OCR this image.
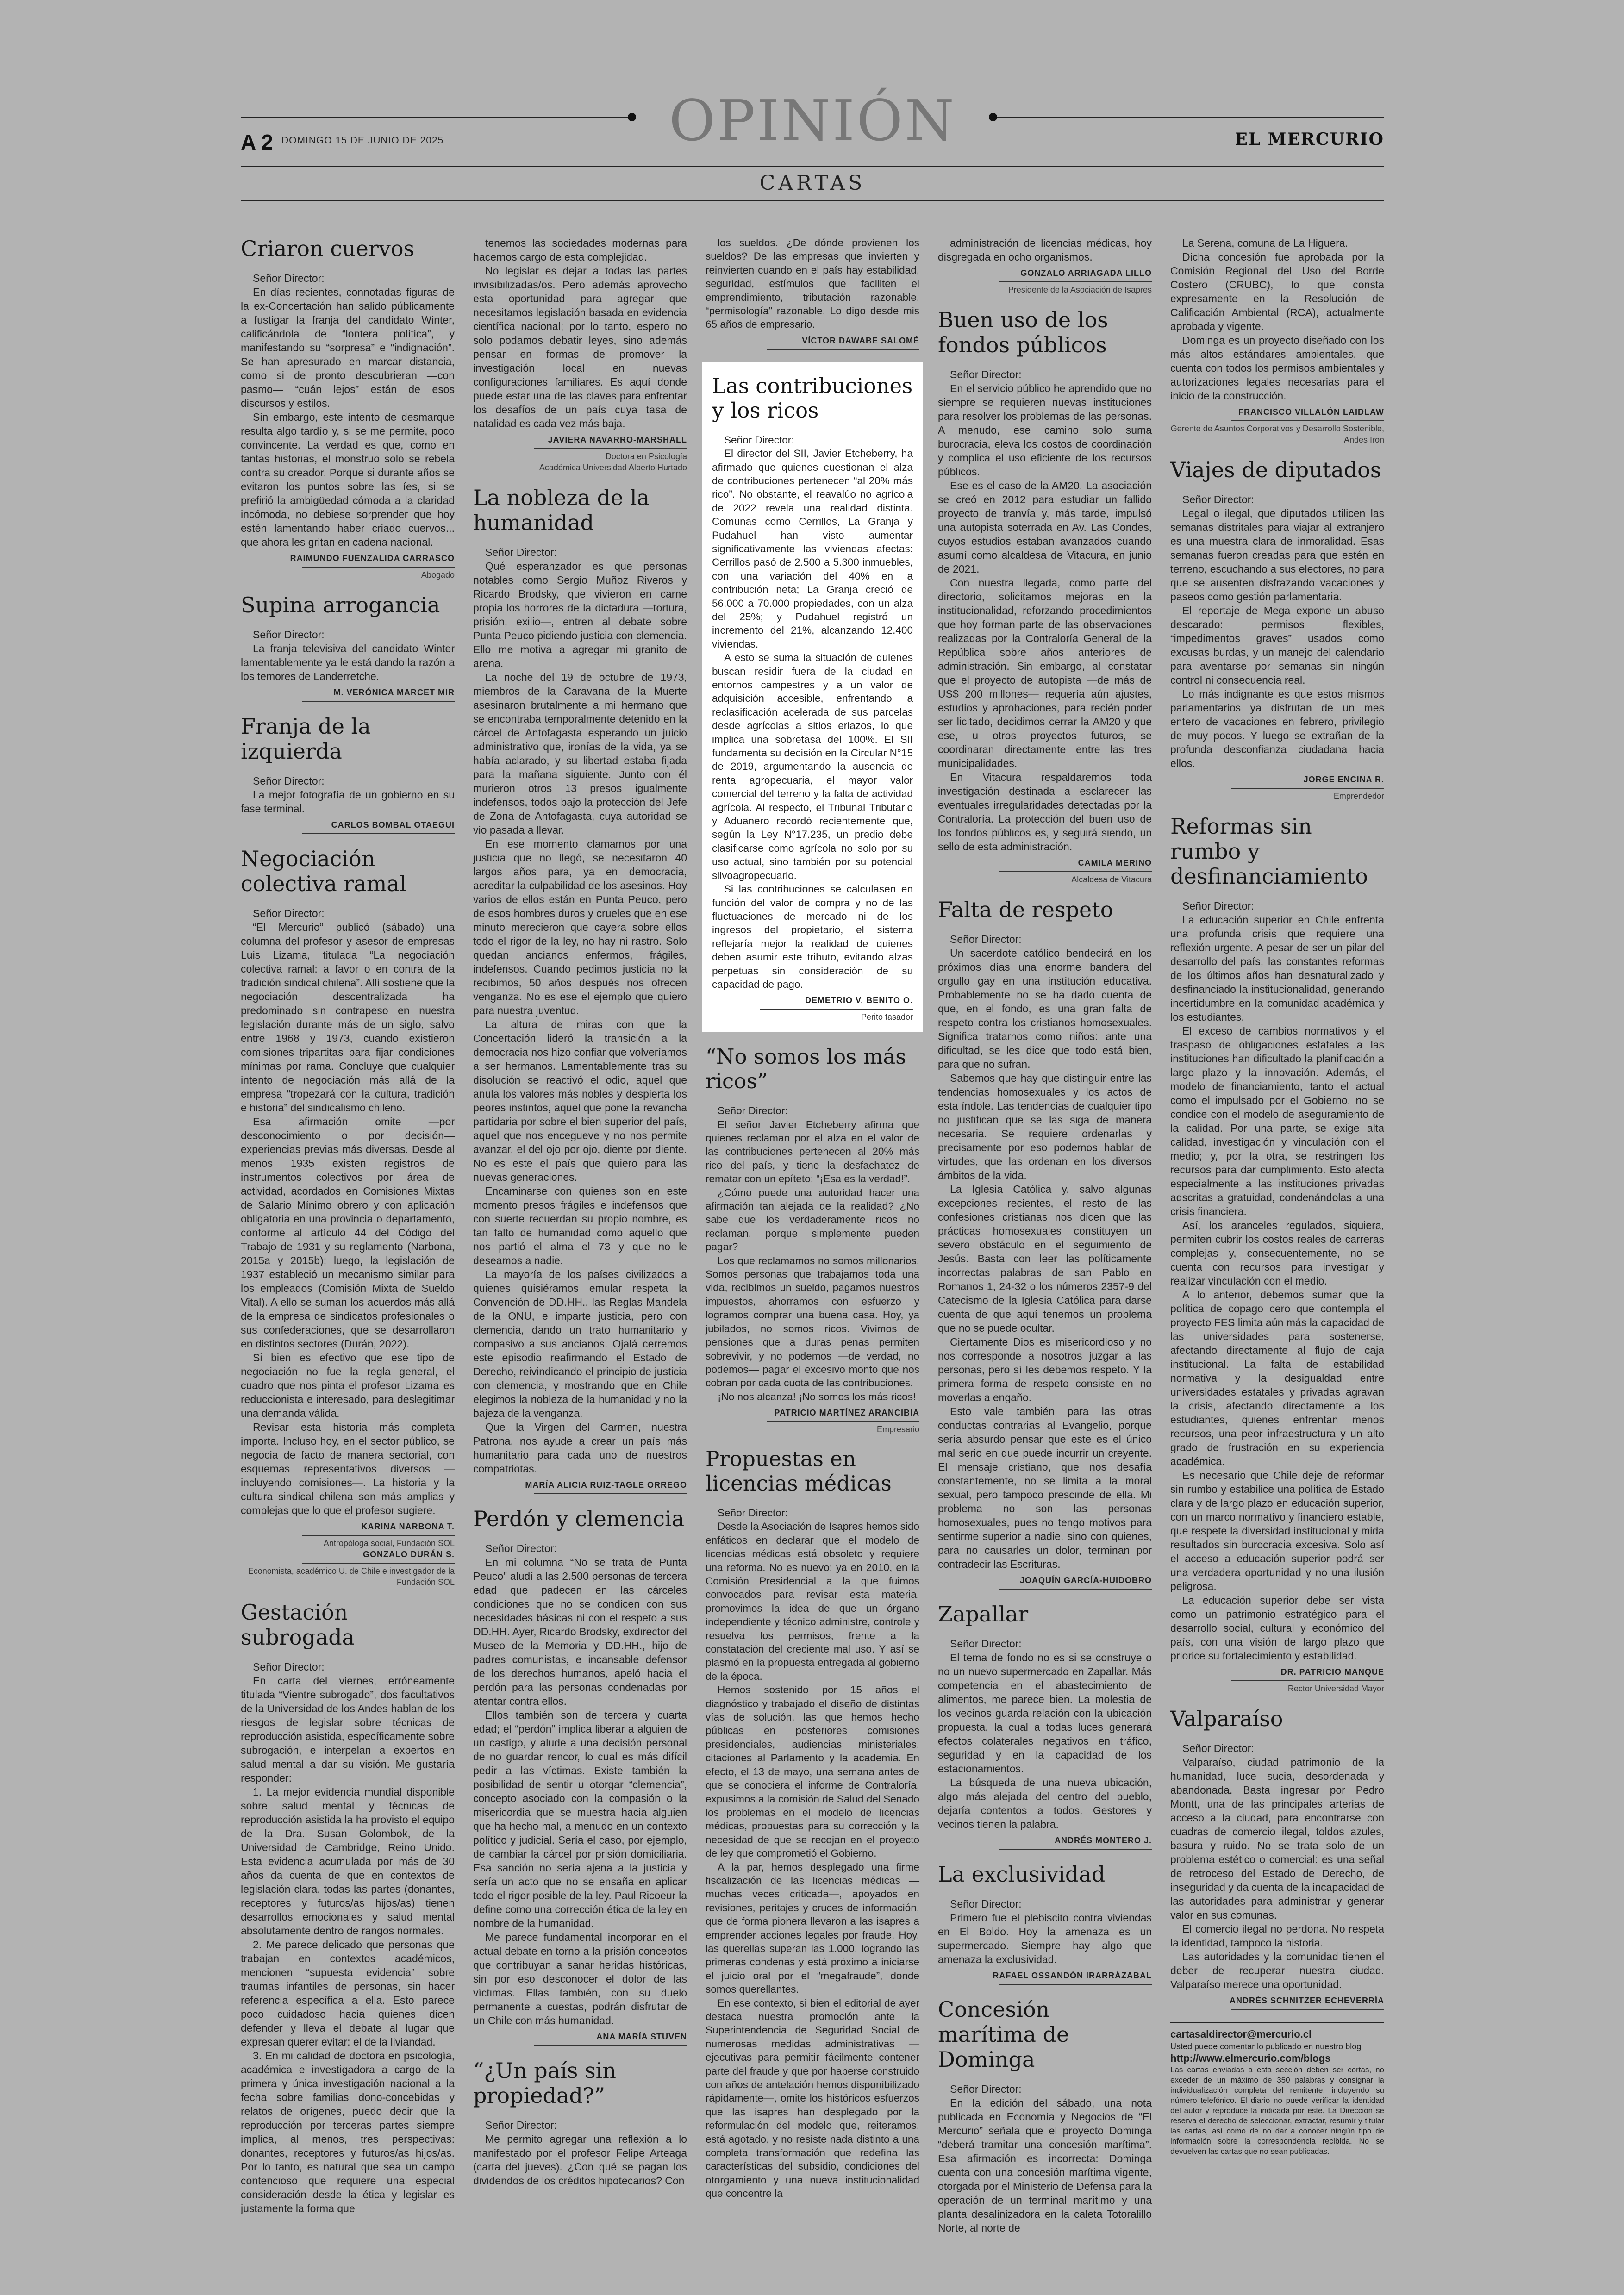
OPINIÓN
A 2 DOMINGO 15 DE JUNIO DE 2025	EL MERCURIO
CARTAS
Criaron cuervos

Señor Director:

En días recientes, connotadas figuras de la ex-Concertación han salido públicamente a fustigar la franja del candidato Winter, calificándola de “lontera política”, y manifestando su “sorpresa” e “indignación”. Se han apresurado en marcar distancia, como si de pronto descubrieran —con pasmo— “cuán lejos” están de esos discursos y estilos.

Sin embargo, este intento de desmarque resulta algo tardío y, si se me permite, poco convincente. La verdad es que, como en tantas historias, el monstruo solo se rebela contra su creador. Porque si durante años se evitaron los puntos sobre las íes, si se prefirió la ambigüedad cómoda a la claridad incómoda, no debiese sorprender que hoy estén lamentando haber criado cuervos... que ahora les gritan en cadena nacional.

RAIMUNDO FUENZALIDA CARRASCO
Abogado
Supina arrogancia

Señor Director:

La franja televisiva del candidato Winter lamentablemente ya le está dando la razón a los temores de Landerretche.

M. VERÓNICA MARCET MIR
Franja de la izquierda

Señor Director:

La mejor fotografía de un gobierno en su fase terminal.

CARLOS BOMBAL OTAEGUI
Negociación colectiva ramal

Señor Director:

“El Mercurio” publicó (sábado) una columna del profesor y asesor de empresas Luis Lizama, titulada “La negociación colectiva ramal: a favor o en contra de la tradición sindical chilena”. Allí sostiene que la negociación descentralizada ha predominado sin contrapeso en nuestra legislación durante más de un siglo, salvo entre 1968 y 1973, cuando existieron comisiones tripartitas para fijar condiciones mínimas por rama. Concluye que cualquier intento de negociación más allá de la empresa “tropezará con la cultura, tradición e historia” del sindicalismo chileno.

Esa afirmación omite —por desconocimiento o por decisión— experiencias previas más diversas. Desde al menos 1935 existen registros de instrumentos colectivos por área de actividad, acordados en Comisiones Mixtas de Salario Mínimo obrero y con aplicación obligatoria en una provincia o departamento, conforme al artículo 44 del Código del Trabajo de 1931 y su reglamento (Narbona, 2015a y 2015b); luego, la legislación de 1937 estableció un mecanismo similar para los empleados (Comisión Mixta de Sueldo Vital). A ello se suman los acuerdos más allá de la empresa de sindicatos profesionales o sus confederaciones, que se desarrollaron en distintos sectores (Durán, 2022).

Si bien es efectivo que ese tipo de negociación no fue la regla general, el cuadro que nos pinta el profesor Lizama es reduccionista e interesado, para deslegitimar una demanda válida.

Revisar esta historia más completa importa. Incluso hoy, en el sector público, se negocia de facto de manera sectorial, con esquemas representativos diversos —incluyendo comisiones—. La historia y la cultura sindical chilena son más amplias y complejas que lo que el profesor sugiere.

KARINA NARBONA T.
Antropóloga social, Fundación SOL
GONZALO DURÁN S.
Economista, académico U. de Chile e investigador de la Fundación SOL
Gestación subrogada

Señor Director:

En carta del viernes, erróneamente titulada “Vientre subrogado”, dos facultativos de la Universidad de los Andes hablan de los riesgos de legislar sobre técnicas de reproducción asistida, específicamente sobre subrogación, e interpelan a expertos en salud mental a dar su visión. Me gustaría responder:

1. La mejor evidencia mundial disponible sobre salud mental y técnicas de reproducción asistida la ha provisto el equipo de la Dra. Susan Golombok, de la Universidad de Cambridge, Reino Unido. Esta evidencia acumulada por más de 30 años da cuenta de que en contextos de legislación clara, todas las partes (donantes, receptores y futuros/as hijos/as) tienen desarrollos emocionales y salud mental absolutamente dentro de rangos normales.

2. Me parece delicado que personas que trabajan en contextos académicos, mencionen “supuesta evidencia” sobre traumas infantiles de personas, sin hacer referencia específica a ella. Esto parece poco cuidadoso hacia quienes dicen defender y lleva el debate al lugar que expresan querer evitar: el de la liviandad.

3. En mi calidad de doctora en psicología, académica e investigadora a cargo de la primera y única investigación nacional a la fecha sobre familias dono-concebidas y relatos de orígenes, puedo decir que la reproducción por terceras partes siempre implica, al menos, tres perspectivas: donantes, receptores y futuros/as hijos/as. Por lo tanto, es natural que sea un campo contencioso que requiere una especial consideración desde la ética y legislar es justamente la forma que

tenemos las sociedades modernas para hacernos cargo de esta complejidad.

No legislar es dejar a todas las partes invisibilizadas/os. Pero además aprovecho esta oportunidad para agregar que necesitamos legislación basada en evidencia científica nacional; por lo tanto, espero no solo podamos debatir leyes, sino además pensar en formas de promover la investigación local en nuevas configuraciones familiares. Es aquí donde puede estar una de las claves para enfrentar los desafíos de un país cuya tasa de natalidad es cada vez más baja.

JAVIERA NAVARRO-MARSHALL
Doctora en Psicología
Académica Universidad Alberto Hurtado
La nobleza de la humanidad

Señor Director:

Qué esperanzador es que personas notables como Sergio Muñoz Riveros y Ricardo Brodsky, que vivieron en carne propia los horrores de la dictadura —tortura, prisión, exilio—, entren al debate sobre Punta Peuco pidiendo justicia con clemencia. Ello me motiva a agregar mi granito de arena.

La noche del 19 de octubre de 1973, miembros de la Caravana de la Muerte asesinaron brutalmente a mi hermano que se encontraba temporalmente detenido en la cárcel de Antofagasta esperando un juicio administrativo que, ironías de la vida, ya se había aclarado, y su libertad estaba fijada para la mañana siguiente. Junto con él murieron otros 13 presos igualmente indefensos, todos bajo la protección del Jefe de Zona de Antofagasta, cuya autoridad se vio pasada a llevar.

En ese momento clamamos por una justicia que no llegó, se necesitaron 40 largos años para, ya en democracia, acreditar la culpabilidad de los asesinos. Hoy varios de ellos están en Punta Peuco, pero de esos hombres duros y crueles que en ese minuto merecieron que cayera sobre ellos todo el rigor de la ley, no hay ni rastro. Solo quedan ancianos enfermos, frágiles, indefensos. Cuando pedimos justicia no la recibimos, 50 años después nos ofrecen venganza. No es ese el ejemplo que quiero para nuestra juventud.

La altura de miras con que la Concertación lideró la transición a la democracia nos hizo confiar que volveríamos a ser hermanos. Lamentablemente tras su disolución se reactivó el odio, aquel que anula los valores más nobles y despierta los peores instintos, aquel que pone la revancha partidaria por sobre el bien superior del país, aquel que nos encegueve y no nos permite avanzar, el del ojo por ojo, diente por diente. No es este el país que quiero para las nuevas generaciones.

Encaminarse con quienes son en este momento presos frágiles e indefensos que con suerte recuerdan su propio nombre, es tan falto de humanidad como aquello que nos partió el alma el 73 y que no le deseamos a nadie.

La mayoría de los países civilizados a quienes quisiéramos emular respeta la Convención de DD.HH., las Reglas Mandela de la ONU, e imparte justicia, pero con clemencia, dando un trato humanitario y compasivo a sus ancianos. Ojalá cerremos este episodio reafirmando el Estado de Derecho, reivindicando el principio de justicia con clemencia, y mostrando que en Chile elegimos la nobleza de la humanidad y no la bajeza de la venganza.

Que la Virgen del Carmen, nuestra Patrona, nos ayude a crear un país más humanitario para cada uno de nuestros compatriotas.

MARÍA ALICIA RUIZ-TAGLE ORREGO
Perdón y clemencia

Señor Director:

En mi columna “No se trata de Punta Peuco” aludí a las 2.500 personas de tercera edad que padecen en las cárceles condiciones que no se condicen con sus necesidades básicas ni con el respeto a sus DD.HH. Ayer, Ricardo Brodsky, exdirector del Museo de la Memoria y DD.HH., hijo de padres comunistas, e incansable defensor de los derechos humanos, apeló hacia el perdón para las personas condenadas por atentar contra ellos.

Ellos también son de tercera y cuarta edad; el “perdón” implica liberar a alguien de un castigo, y alude a una decisión personal de no guardar rencor, lo cual es más difícil pedir a las víctimas. Existe también la posibilidad de sentir u otorgar “clemencia”, concepto asociado con la compasión o la misericordia que se muestra hacia alguien que ha hecho mal, a menudo en un contexto político y judicial. Sería el caso, por ejemplo, de cambiar la cárcel por prisión domiciliaria. Esa sanción no sería ajena a la justicia y sería un acto que no se ensaña en aplicar todo el rigor posible de la ley. Paul Ricoeur la define como una corrección ética de la ley en nombre de la humanidad.

Me parece fundamental incorporar en el actual debate en torno a la prisión conceptos que contribuyan a sanar heridas históricas, sin por eso desconocer el dolor de las víctimas. Ellas también, con su duelo permanente a cuestas, podrán disfrutar de un Chile con más humanidad.

ANA MARÍA STUVEN
“¿Un país sin propiedad?”

Señor Director:

Me permito agregar una reflexión a lo manifestado por el profesor Felipe Arteaga (carta del jueves). ¿Con qué se pagan los dividendos de los créditos hipotecarios? Con

los sueldos. ¿De dónde provienen los sueldos? De las empresas que invierten y reinvierten cuando en el país hay estabilidad, seguridad, estímulos que faciliten el emprendimiento, tributación razonable, “permisología” razonable. Lo digo desde mis 65 años de empresario.

VÍCTOR DAWABE SALOMÉ
Las contribuciones y los ricos

Señor Director:

El director del SII, Javier Etcheberry, ha afirmado que quienes cuestionan el alza de contribuciones pertenecen “al 20% más rico”. No obstante, el reavalúo no agrícola de 2022 revela una realidad distinta. Comunas como Cerrillos, La Granja y Pudahuel han visto aumentar significativamente las viviendas afectas: Cerrillos pasó de 2.500 a 5.300 inmuebles, con una variación del 40% en la contribución neta; La Granja creció de 56.000 a 70.000 propiedades, con un alza del 25%; y Pudahuel registró un incremento del 21%, alcanzando 12.400 viviendas.

A esto se suma la situación de quienes buscan residir fuera de la ciudad en entornos campestres y a un valor de adquisición accesible, enfrentando la reclasificación acelerada de sus parcelas desde agrícolas a sitios eriazos, lo que implica una sobretasa del 100%. El SII fundamenta su decisión en la Circular N°15 de 2019, argumentando la ausencia de renta agropecuaria, el mayor valor comercial del terreno y la falta de actividad agrícola. Al respecto, el Tribunal Tributario y Aduanero recordó recientemente que, según la Ley N°17.235, un predio debe clasificarse como agrícola no solo por su uso actual, sino también por su potencial silvoagropecuario.

Si las contribuciones se calculasen en función del valor de compra y no de las fluctuaciones de mercado ni de los ingresos del propietario, el sistema reflejaría mejor la realidad de quienes deben asumir este tributo, evitando alzas perpetuas sin consideración de su capacidad de pago.

DEMETRIO V. BENITO O.
Perito tasador
“No somos los más ricos”

Señor Director:

El señor Javier Etcheberry afirma que quienes reclaman por el alza en el valor de las contribuciones pertenecen al 20% más rico del país, y tiene la desfachatez de rematar con un epíteto: “¡Esa es la verdad!”.

¿Cómo puede una autoridad hacer una afirmación tan alejada de la realidad? ¿No sabe que los verdaderamente ricos no reclaman, porque simplemente pueden pagar?

Los que reclamamos no somos millonarios. Somos personas que trabajamos toda una vida, recibimos un sueldo, pagamos nuestros impuestos, ahorramos con esfuerzo y logramos comprar una buena casa. Hoy, ya jubilados, no somos ricos. Vivimos de pensiones que a duras penas permiten sobrevivir, y no podemos —de verdad, no podemos— pagar el excesivo monto que nos cobran por cada cuota de las contribuciones.

¡No nos alcanza! ¡No somos los más ricos!

PATRICIO MARTÍNEZ ARANCIBIA
Empresario
Propuestas en licencias médicas

Señor Director:

Desde la Asociación de Isapres hemos sido enfáticos en declarar que el modelo de licencias médicas está obsoleto y requiere una reforma. No es nuevo: ya en 2010, en la Comisión Presidencial a la que fuimos convocados para revisar esta materia, promovimos la idea de que un órgano independiente y técnico administre, controle y resuelva los permisos, frente a la constatación del creciente mal uso. Y así se plasmó en la propuesta entregada al gobierno de la época.

Hemos sostenido por 15 años el diagnóstico y trabajado el diseño de distintas vías de solución, las que hemos hecho públicas en posteriores comisiones presidenciales, audiencias ministeriales, citaciones al Parlamento y la academia. En efecto, el 13 de mayo, una semana antes de que se conociera el informe de Contraloría, expusimos a la comisión de Salud del Senado los problemas en el modelo de licencias médicas, propuestas para su corrección y la necesidad de que se recojan en el proyecto de ley que comprometió el Gobierno.

A la par, hemos desplegado una firme fiscalización de las licencias médicas —muchas veces criticada—, apoyados en revisiones, peritajes y cruces de información, que de forma pionera llevaron a las isapres a emprender acciones legales por fraude. Hoy, las querellas superan las 1.000, logrando las primeras condenas y está próximo a iniciarse el juicio oral por el “megafraude”, donde somos querellantes.

En ese contexto, si bien el editorial de ayer destaca nuestra promoción ante la Superintendencia de Seguridad Social de numerosas medidas administrativas —ejecutivas para permitir fácilmente contener parte del fraude y que por haberse construido con años de antelación hemos disponibilizado rápidamente—, omite los históricos esfuerzos que las isapres han desplegado por la reformulación del modelo que, reiteramos, está agotado, y no resiste nada distinto a una completa transformación que redefina las características del subsidio, condiciones del otorgamiento y una nueva institucionalidad que concentre la

administración de licencias médicas, hoy disgregada en ocho organismos.

GONZALO ARRIAGADA LILLO
Presidente de la Asociación de Isapres
Buen uso de los fondos públicos

Señor Director:

En el servicio público he aprendido que no siempre se requieren nuevas instituciones para resolver los problemas de las personas. A menudo, ese camino solo suma burocracia, eleva los costos de coordinación y complica el uso eficiente de los recursos públicos.

Ese es el caso de la AM20. La asociación se creó en 2012 para estudiar un fallido proyecto de tranvía y, más tarde, impulsó una autopista soterrada en Av. Las Condes, cuyos estudios estaban avanzados cuando asumí como alcaldesa de Vitacura, en junio de 2021.

Con nuestra llegada, como parte del directorio, solicitamos mejoras en la institucionalidad, reforzando procedimientos que hoy forman parte de las observaciones realizadas por la Contraloría General de la República sobre años anteriores de administración. Sin embargo, al constatar que el proyecto de autopista —de más de US$ 200 millones— requería aún ajustes, estudios y aprobaciones, para recién poder ser licitado, decidimos cerrar la AM20 y que ese, u otros proyectos futuros, se coordinaran directamente entre las tres municipalidades.

En Vitacura respaldaremos toda investigación destinada a esclarecer las eventuales irregularidades detectadas por la Contraloría. La protección del buen uso de los fondos públicos es, y seguirá siendo, un sello de esta administración.

CAMILA MERINO
Alcaldesa de Vitacura
Falta de respeto

Señor Director:

Un sacerdote católico bendecirá en los próximos días una enorme bandera del orgullo gay en una institución educativa. Probablemente no se ha dado cuenta de que, en el fondo, es una gran falta de respeto contra los cristianos homosexuales. Significa tratarnos como niños: ante una dificultad, se les dice que todo está bien, para que no sufran.

Sabemos que hay que distinguir entre las tendencias homosexuales y los actos de esta índole. Las tendencias de cualquier tipo no justifican que se las siga de manera necesaria. Se requiere ordenarlas y precisamente por eso podemos hablar de virtudes, que las ordenan en los diversos ámbitos de la vida.

La Iglesia Católica y, salvo algunas excepciones recientes, el resto de las confesiones cristianas nos dicen que las prácticas homosexuales constituyen un severo obstáculo en el seguimiento de Jesús. Basta con leer las políticamente incorrectas palabras de san Pablo en Romanos 1, 24-32 o los números 2357-9 del Catecismo de la Iglesia Católica para darse cuenta de que aquí tenemos un problema que no se puede ocultar.

Ciertamente Dios es misericordioso y no nos corresponde a nosotros juzgar a las personas, pero sí les debemos respeto. Y la primera forma de respeto consiste en no moverlas a engaño.

Esto vale también para las otras conductas contrarias al Evangelio, porque sería absurdo pensar que este es el único mal serio en que puede incurrir un creyente. El mensaje cristiano, que nos desafía constantemente, no se limita a la moral sexual, pero tampoco prescinde de ella. Mi problema no son las personas homosexuales, pues no tengo motivos para sentirme superior a nadie, sino con quienes, para no causarles un dolor, terminan por contradecir las Escrituras.

JOAQUÍN GARCÍA-HUIDOBRO
Zapallar

Señor Director:

El tema de fondo no es si se construye o no un nuevo supermercado en Zapallar. Más competencia en el abastecimiento de alimentos, me parece bien. La molestia de los vecinos guarda relación con la ubicación propuesta, la cual a todas luces generará efectos colaterales negativos en tráfico, seguridad y en la capacidad de los estacionamientos.

La búsqueda de una nueva ubicación, algo más alejada del centro del pueblo, dejaría contentos a todos. Gestores y vecinos tienen la palabra.

ANDRÉS MONTERO J.
La exclusividad

Señor Director:

Primero fue el plebiscito contra viviendas en El Boldo. Hoy la amenaza es un supermercado. Siempre hay algo que amenaza la exclusividad.

RAFAEL OSSANDÓN IRARRÁZABAL
Concesión marítima de Dominga

Señor Director:

En la edición del sábado, una nota publicada en Economía y Negocios de “El Mercurio” señala que el proyecto Dominga “deberá tramitar una concesión marítima”. Esa afirmación es incorrecta: Dominga cuenta con una concesión marítima vigente, otorgada por el Ministerio de Defensa para la operación de un terminal marítimo y una planta desalinizadora en la caleta Totoralillo Norte, al norte de

La Serena, comuna de La Higuera.

Dicha concesión fue aprobada por la Comisión Regional del Uso del Borde Costero (CRUBC), lo que consta expresamente en la Resolución de Calificación Ambiental (RCA), actualmente aprobada y vigente.

Dominga es un proyecto diseñado con los más altos estándares ambientales, que cuenta con todos los permisos ambientales y autorizaciones legales necesarias para el inicio de la construcción.

FRANCISCO VILLALÓN LAIDLAW
Gerente de Asuntos Corporativos y Desarrollo Sostenible, Andes Iron
Viajes de diputados

Señor Director:

Legal o ilegal, que diputados utilicen las semanas distritales para viajar al extranjero es una muestra clara de inmoralidad. Esas semanas fueron creadas para que estén en terreno, escuchando a sus electores, no para que se ausenten disfrazando vacaciones y paseos como gestión parlamentaria.

El reportaje de Mega expone un abuso descarado: permisos flexibles, “impedimentos graves” usados como excusas burdas, y un manejo del calendario para aventarse por semanas sin ningún control ni consecuencia real.

Lo más indignante es que estos mismos parlamentarios ya disfrutan de un mes entero de vacaciones en febrero, privilegio de muy pocos. Y luego se extrañan de la profunda desconfianza ciudadana hacia ellos.

JORGE ENCINA R.
Emprendedor
Reformas sin rumbo y desfinanciamiento

Señor Director:

La educación superior en Chile enfrenta una profunda crisis que requiere una reflexión urgente. A pesar de ser un pilar del desarrollo del país, las constantes reformas de los últimos años han desnaturalizado y desfinanciado la institucionalidad, generando incertidumbre en la comunidad académica y los estudiantes.

El exceso de cambios normativos y el traspaso de obligaciones estatales a las instituciones han dificultado la planificación a largo plazo y la innovación. Además, el modelo de financiamiento, tanto el actual como el impulsado por el Gobierno, no se condice con el modelo de aseguramiento de la calidad. Por una parte, se exige alta calidad, investigación y vinculación con el medio; y, por la otra, se restringen los recursos para dar cumplimiento. Esto afecta especialmente a las instituciones privadas adscritas a gratuidad, condenándolas a una crisis financiera.

Así, los aranceles regulados, siquiera, permiten cubrir los costos reales de carreras complejas y, consecuentemente, no se cuenta con recursos para investigar y realizar vinculación con el medio.

A lo anterior, debemos sumar que la política de copago cero que contempla el proyecto FES limita aún más la capacidad de las universidades para sostenerse, afectando directamente al flujo de caja institucional. La falta de estabilidad normativa y la desigualdad entre universidades estatales y privadas agravan la crisis, afectando directamente a los estudiantes, quienes enfrentan menos recursos, una peor infraestructura y un alto grado de frustración en su experiencia académica.

Es necesario que Chile deje de reformar sin rumbo y estabilice una política de Estado clara y de largo plazo en educación superior, con un marco normativo y financiero estable, que respete la diversidad institucional y mida resultados sin burocracia excesiva. Solo así el acceso a educación superior podrá ser una verdadera oportunidad y no una ilusión peligrosa.

La educación superior debe ser vista como un patrimonio estratégico para el desarrollo social, cultural y económico del país, con una visión de largo plazo que priorice su fortalecimiento y estabilidad.

DR. PATRICIO MANQUE
Rector Universidad Mayor
Valparaíso

Señor Director:

Valparaíso, ciudad patrimonio de la humanidad, luce sucia, desordenada y abandonada. Basta ingresar por Pedro Montt, una de las principales arterias de acceso a la ciudad, para encontrarse con cuadras de comercio ilegal, toldos azules, basura y ruido. No se trata solo de un problema estético o comercial: es una señal de retroceso del Estado de Derecho, de inseguridad y da cuenta de la incapacidad de las autoridades para administrar y generar valor en sus comunas.

El comercio ilegal no perdona. No respeta la identidad, tampoco la historia.

Las autoridades y la comunidad tienen el deber de recuperar nuestra ciudad. Valparaíso merece una oportunidad.

ANDRÉS SCHNITZER ECHEVERRÍA
cartasaldirector@mercurio.cl
Usted puede comentar lo publicado en nuestro blog
http://www.elmercurio.com/blogs
Las cartas enviadas a esta sección deben ser cortas, no exceder de un máximo de 350 palabras y consignar la individualización completa del remitente, incluyendo su número telefónico. El diario no puede verificar la identidad del autor y reproduce la indicada por este. La Dirección se reserva el derecho de seleccionar, extractar, resumir y titular las cartas, así como de no dar a conocer ningún tipo de información sobre la correspondencia recibida. No se devuelven las cartas que no sean publicadas.
